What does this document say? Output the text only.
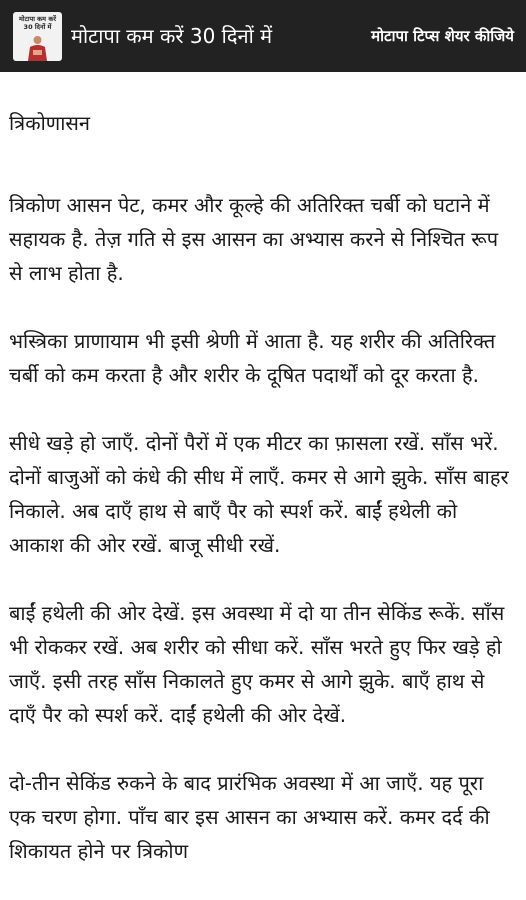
मोटापा कम करें
30 दिनों में मोटापा कम करें 30 दिनों में	मोटापा टिप्स शेयर कीजिये
त्रिकोणासन

त्रिकोण आसन पेट, कमर और कूल्हे की अतिरिक्त चर्बी को घटाने में सहायक है. तेज़ गति से इस आसन का अभ्यास करने से निश्चित रूप से लाभ होता है.

भस्त्रिका प्राणायाम भी इसी श्रेणी में आता है. यह शरीर की अतिरिक्त चर्बी को कम करता है और शरीर के दूषित पदार्थों को दूर करता है.

सीधे खड़े हो जाएँ. दोनों पैरों में एक मीटर का फ़ासला रखें. साँस भरें. दोनों बाजुओं को कंधे की सीध में लाएँ. कमर से आगे झुके. साँस बाहर निकाले. अब दाएँ हाथ से बाएँ पैर को स्पर्श करें. बाईं हथेली को आकाश की ओर रखें. बाजू सीधी रखें.

बाईं हथेली की ओर देखें. इस अवस्था में दो या तीन सेकिंड रूकें. साँस भी रोककर रखें. अब शरीर को सीधा करें. साँस भरते हुए फिर खड़े हो जाएँ. इसी तरह साँस निकालते हुए कमर से आगे झुके. बाएँ हाथ से दाएँ पैर को स्पर्श करें. दाईं हथेली की ओर देखें.

दो-तीन सेकिंड रुकने के बाद प्रारंभिक अवस्था में आ जाएँ. यह पूरा एक चरण होगा. पाँच बार इस आसन का अभ्यास करें. कमर दर्द की शिकायत होने पर त्रिकोण
